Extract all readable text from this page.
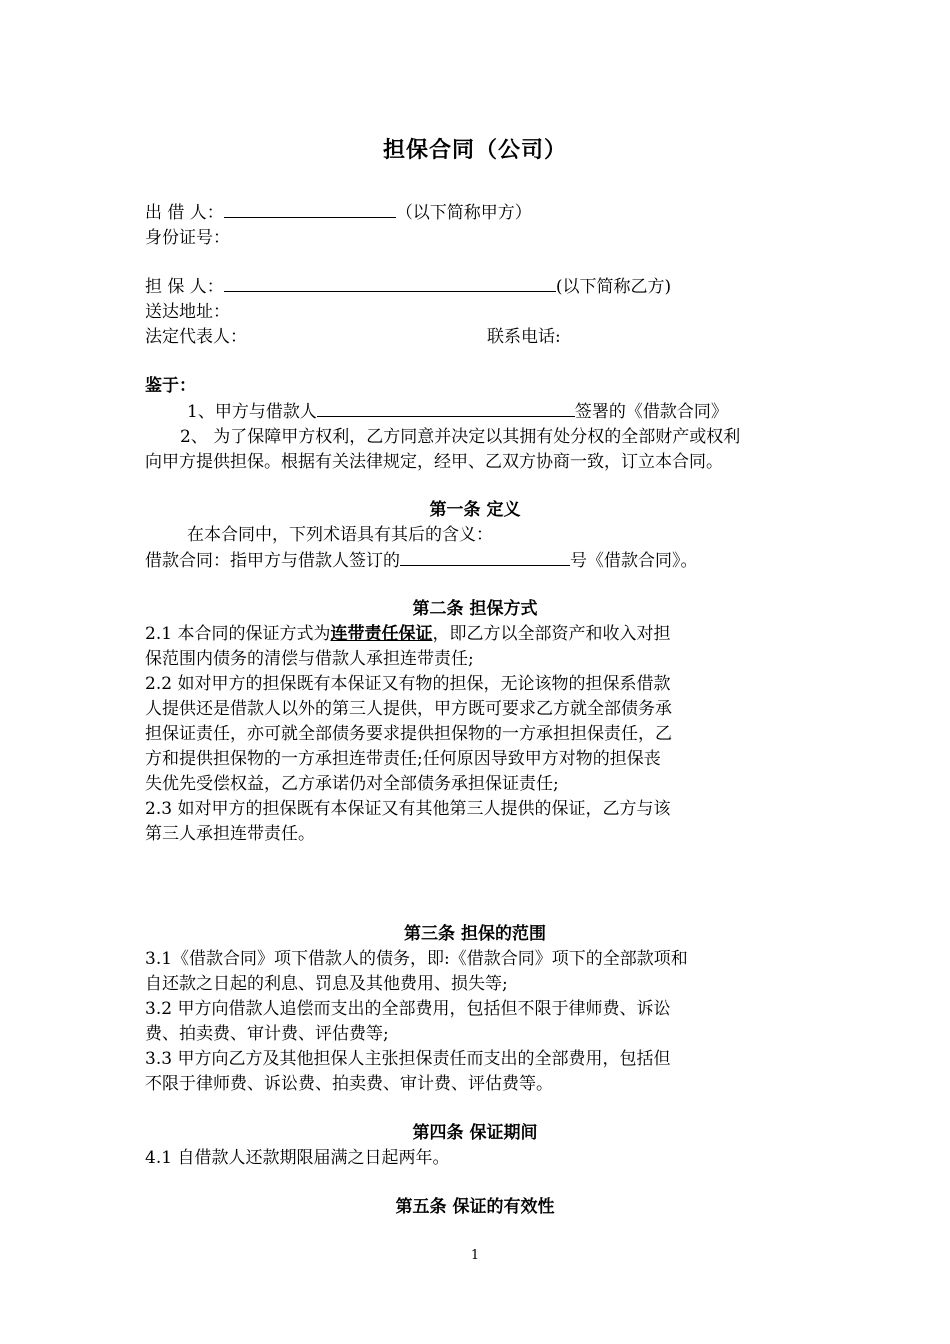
担保合同（公司）
出 借 人：	（以下简称甲方）
身份证号：
担 保 人：	(以下简称乙方)
送达地址：
法定代表人：	联系电话:
鉴于：
1、甲方与借款人	签署的《借款合同》
2、 为了保障甲方权利，乙方同意并决定以其拥有处分权的全部财产或权利
向甲方提供担保。根据有关法律规定，经甲、乙双方协商一致，订立本合同。
第一条 定义
在本合同中，下列术语具有其后的含义：
借款合同：指甲方与借款人签订的	号《借款合同》。
第二条 担保方式
2.1 本合同的保证方式为连带责任保证，即乙方以全部资产和收入对担
保范围内债务的清偿与借款人承担连带责任;
2.2 如对甲方的担保既有本保证又有物的担保，无论该物的担保系借款
人提供还是借款人以外的第三人提供，甲方既可要求乙方就全部债务承
担保证责任，亦可就全部债务要求提供担保物的一方承担担保责任，乙
方和提供担保物的一方承担连带责任;任何原因导致甲方对物的担保丧
失优先受偿权益，乙方承诺仍对全部债务承担保证责任;
2.3 如对甲方的担保既有本保证又有其他第三人提供的保证，乙方与该
第三人承担连带责任。
第三条 担保的范围
3.1《借款合同》项下借款人的债务，即:《借款合同》项下的全部款项和
自还款之日起的利息、罚息及其他费用、损失等;
3.2 甲方向借款人追偿而支出的全部费用，包括但不限于律师费、诉讼
费、拍卖费、审计费、评估费等;
3.3 甲方向乙方及其他担保人主张担保责任而支出的全部费用，包括但
不限于律师费、诉讼费、拍卖费、审计费、评估费等。
第四条 保证期间
4.1 自借款人还款期限届满之日起两年。
第五条 保证的有效性
1
